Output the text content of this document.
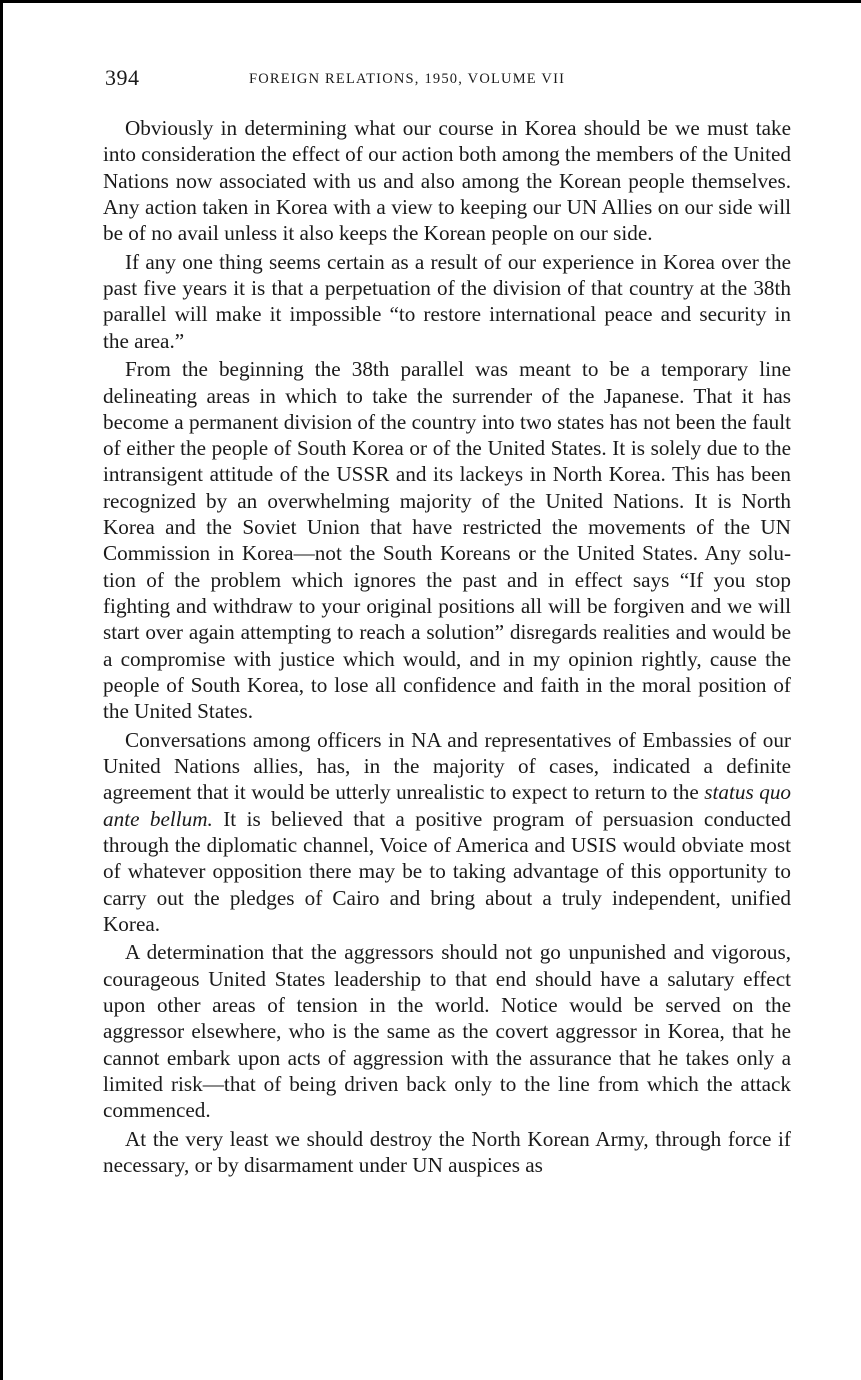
394	FOREIGN RELATIONS, 1950, VOLUME VII

Obviously in determining what our course in Korea should be we must take into consideration the effect of our action both among the members of the United Nations now associated with us and also among the Korean people themselves. Any action taken in Korea with a view to keeping our UN Allies on our side will be of no avail unless it also keeps the Korean people on our side.

If any one thing seems certain as a result of our experience in Korea over the past five years it is that a perpetuation of the division of that country at the 38th parallel will make it impossible “to restore international peace and security in the area.”

From the beginning the 38th parallel was meant to be a temporary line delineating areas in which to take the surrender of the Japanese. That it has become a permanent division of the country into two states has not been the fault of either the people of South Korea or of the United States. It is solely due to the intransigent attitude of the USSR and its lackeys in North Korea. This has been recognized by an overwhelming majority of the United Nations. It is North Korea and the Soviet Union that have restricted the movements of the UN Commission in Korea—not the South Koreans or the United States. Any solution of the problem which ignores the past and in effect says “If you stop fighting and withdraw to your original positions all will be forgiven and we will start over again attempting to reach a solution” disregards realities and would be a compromise with justice which would, and in my opinion rightly, cause the people of South Korea, to lose all confidence and faith in the moral position of the United States.

Conversations among officers in NA and representatives of Embassies of our United Nations allies, has, in the majority of cases, indicated a definite agreement that it would be utterly unrealistic to expect to return to the status quo ante bellum. It is believed that a positive program of persuasion conducted through the diplomatic channel, Voice of America and USIS would obviate most of whatever opposition there may be to taking advantage of this opportunity to carry out the pledges of Cairo and bring about a truly independent, unified Korea.

A determination that the aggressors should not go unpunished and vigorous, courageous United States leadership to that end should have a salutary effect upon other areas of tension in the world. Notice would be served on the aggressor elsewhere, who is the same as the covert aggressor in Korea, that he cannot embark upon acts of aggression with the assurance that he takes only a limited risk—that of being driven back only to the line from which the attack commenced.

At the very least we should destroy the North Korean Army, through force if necessary, or by disarmament under UN auspices as
